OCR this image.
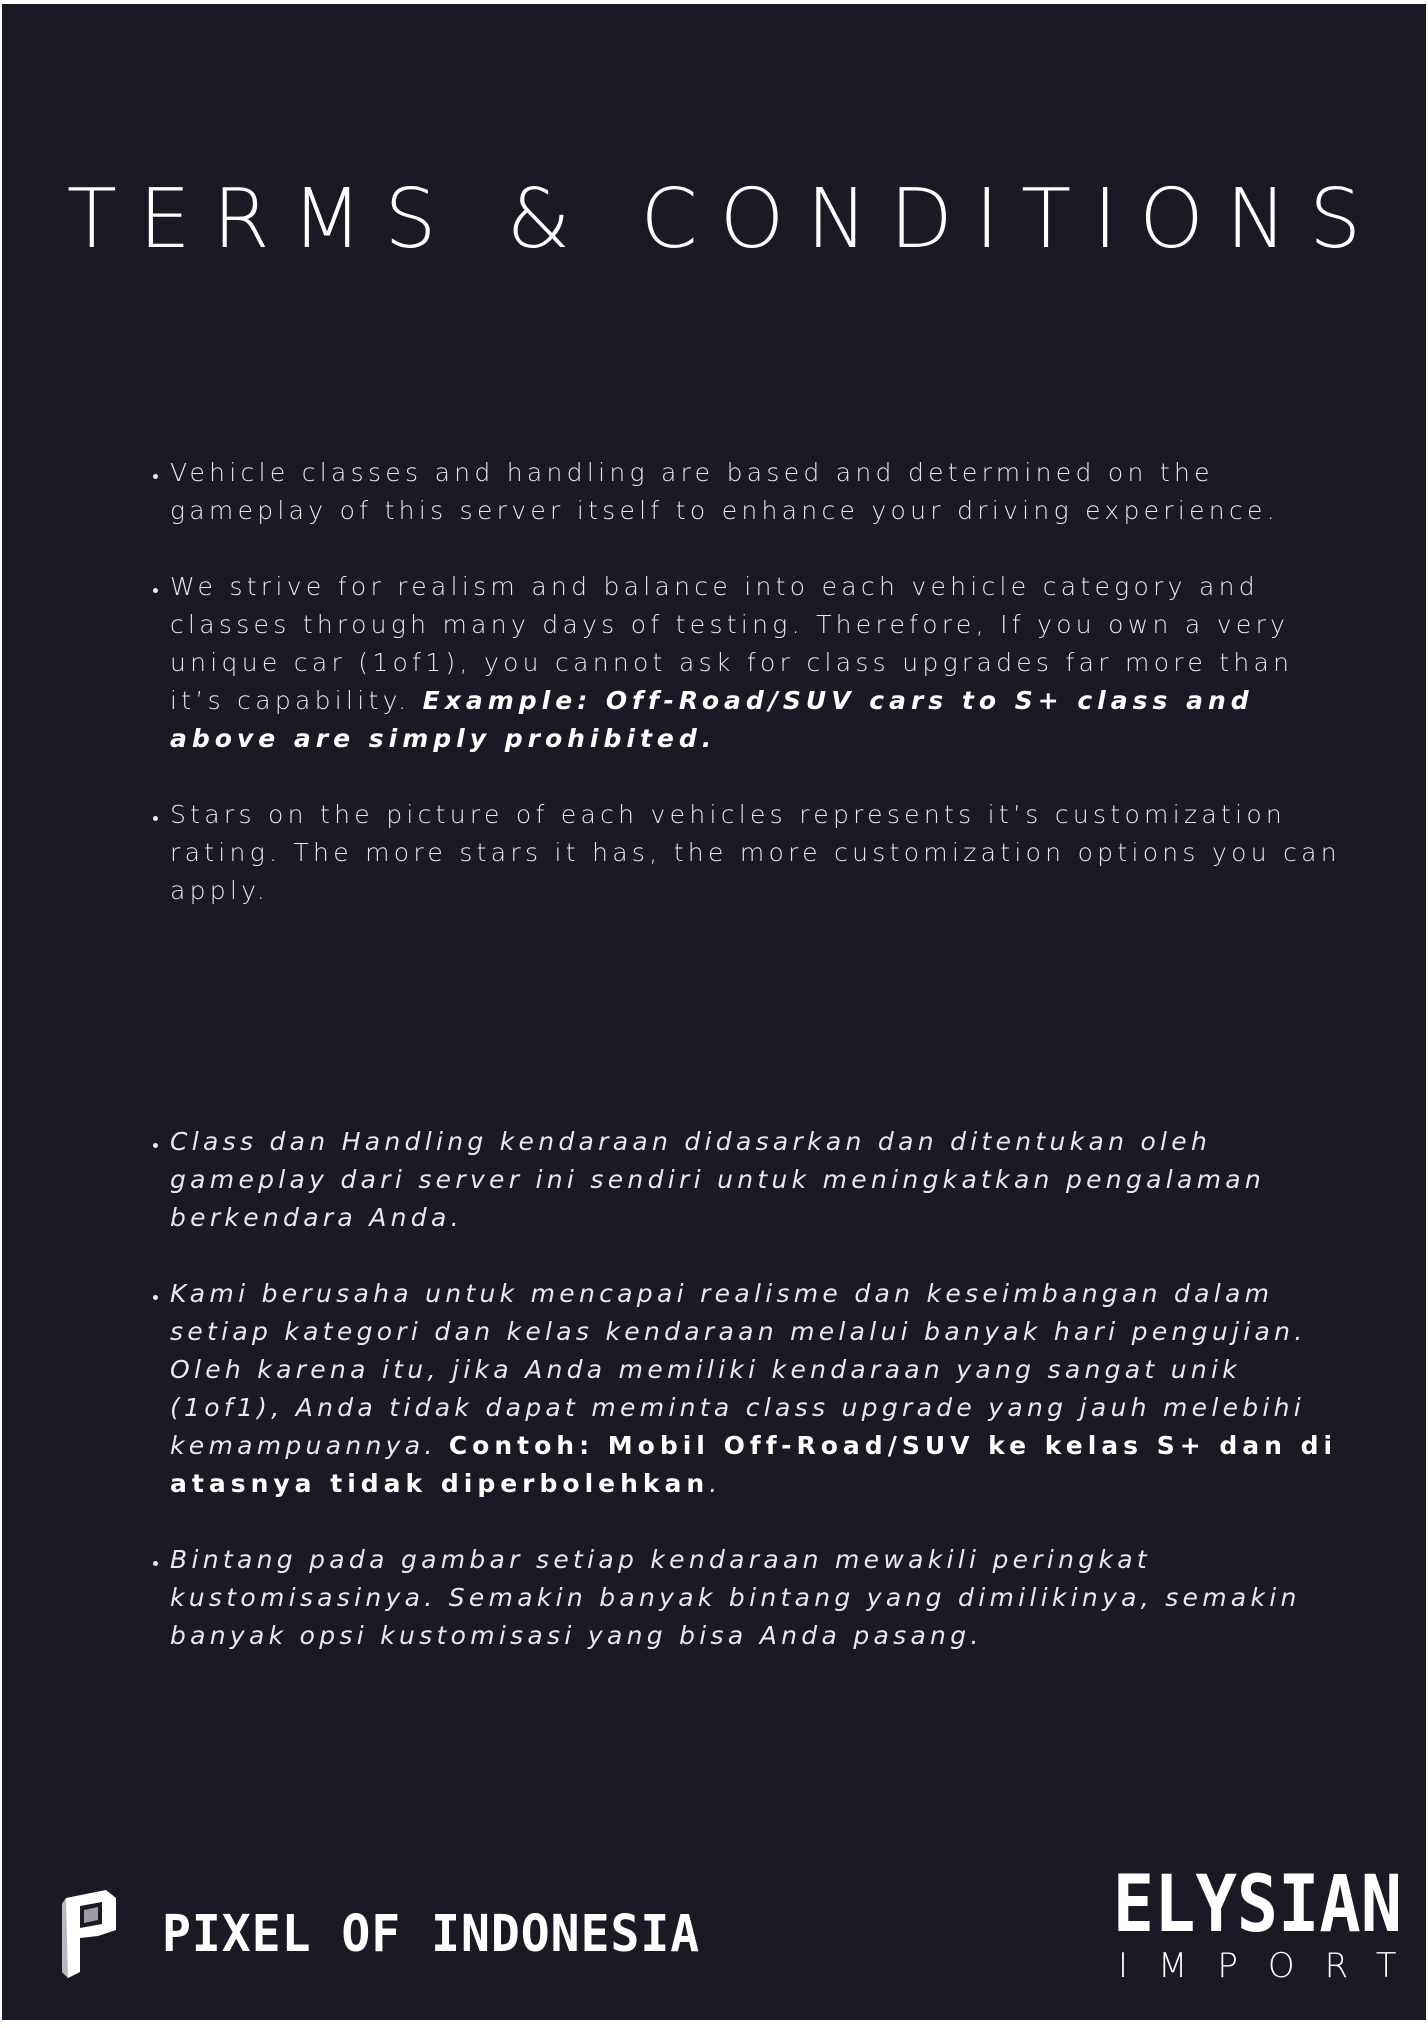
TERMS & CONDITIONS
• Vehicle classes and handling are based and determined on the gameplay of this server itself to enhance your driving experience.
• We strive for realism and balance into each vehicle category and classes through many days of testing. Therefore, If you own a very unique car (1of1), you cannot ask for class upgrades far more than it’s capability. Example: Off-Road/SUV cars to S+ class and above are simply prohibited.
• Stars on the picture of each vehicles represents it’s customization rating. The more stars it has, the more customization options you can apply.
• Class dan Handling kendaraan didasarkan dan ditentukan oleh gameplay dari server ini sendiri untuk meningkatkan pengalaman berkendara Anda.
• Kami berusaha untuk mencapai realisme dan keseimbangan dalam setiap kategori dan kelas kendaraan melalui banyak hari pengujian. Oleh karena itu, jika Anda memiliki kendaraan yang sangat unik (1of1), Anda tidak dapat meminta class upgrade yang jauh melebihi kemampuannya. Contoh: Mobil Off-Road/SUV ke kelas S+ dan di atasnya tidak diperbolehkan.
• Bintang pada gambar setiap kendaraan mewakili peringkat kustomisasinya. Semakin banyak bintang yang dimilikinya, semakin banyak opsi kustomisasi yang bisa Anda pasang.
PIXEL OF INDONESIA	ELYSIAN
IMPORT
